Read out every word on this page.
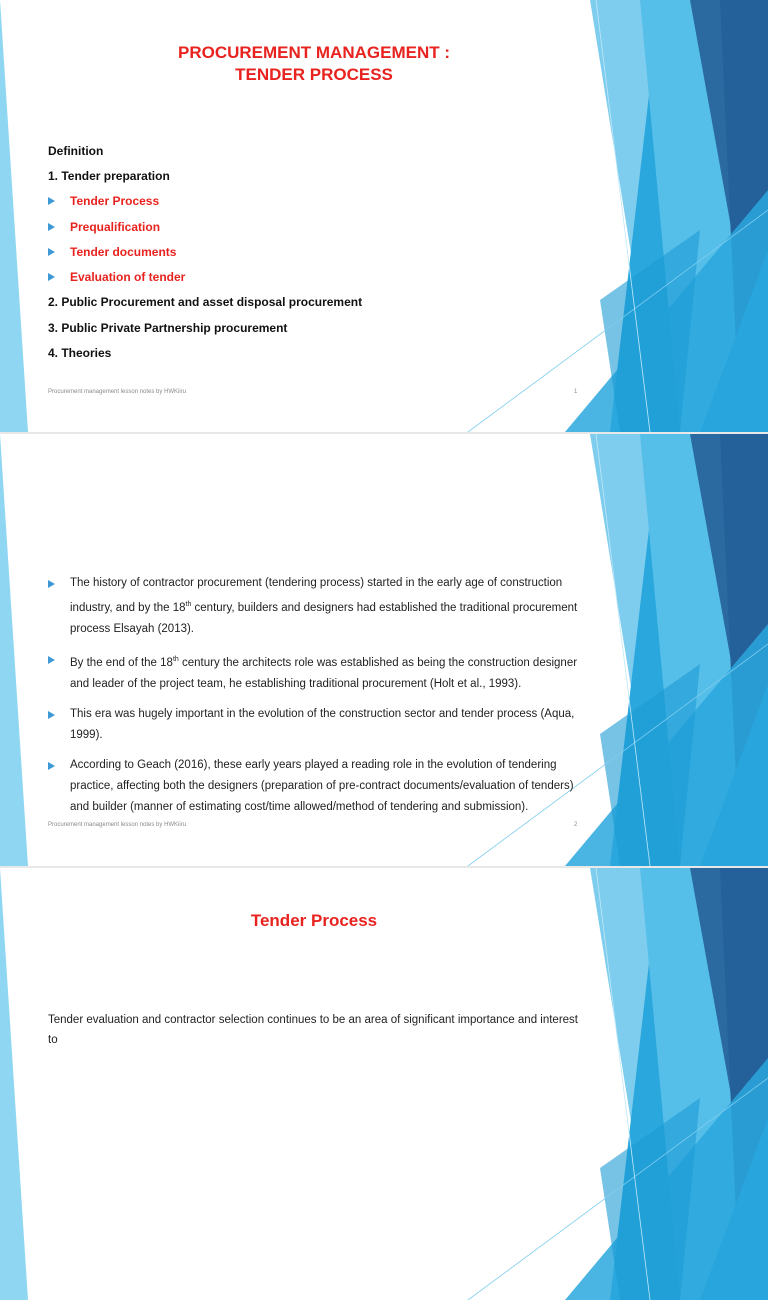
PROCUREMENT MANAGEMENT :
TENDER PROCESS
Definition
1. Tender preparation
Tender Process
Prequalification
Tender documents
Evaluation of tender
2. Public Procurement and asset disposal procurement
3. Public Private Partnership procurement
4. Theories
Procurement management lesson notes by HWKiiru	1
Procurement management lesson notes by HWKiiru	2
The history of contractor procurement (tendering process) started in the early age of construction industry, and by the 18th century, builders and designers had established the traditional procurement process Elsayah (2013).
By the end of the 18th century the architects role was established as being the construction designer and leader of the project team, he establishing traditional procurement (Holt et al., 1993).
This era was hugely important in the evolution of the construction sector and tender process (Aqua, 1999).
According to Geach (2016), these early years played a reading role in the evolution of tendering practice, affecting both the designers (preparation of pre-contract documents/evaluation of tenders) and builder (manner of estimating cost/time allowed/method of tendering and submission).
Tender Process
Tender evaluation and contractor selection continues to be an area of significant importance and interest to
